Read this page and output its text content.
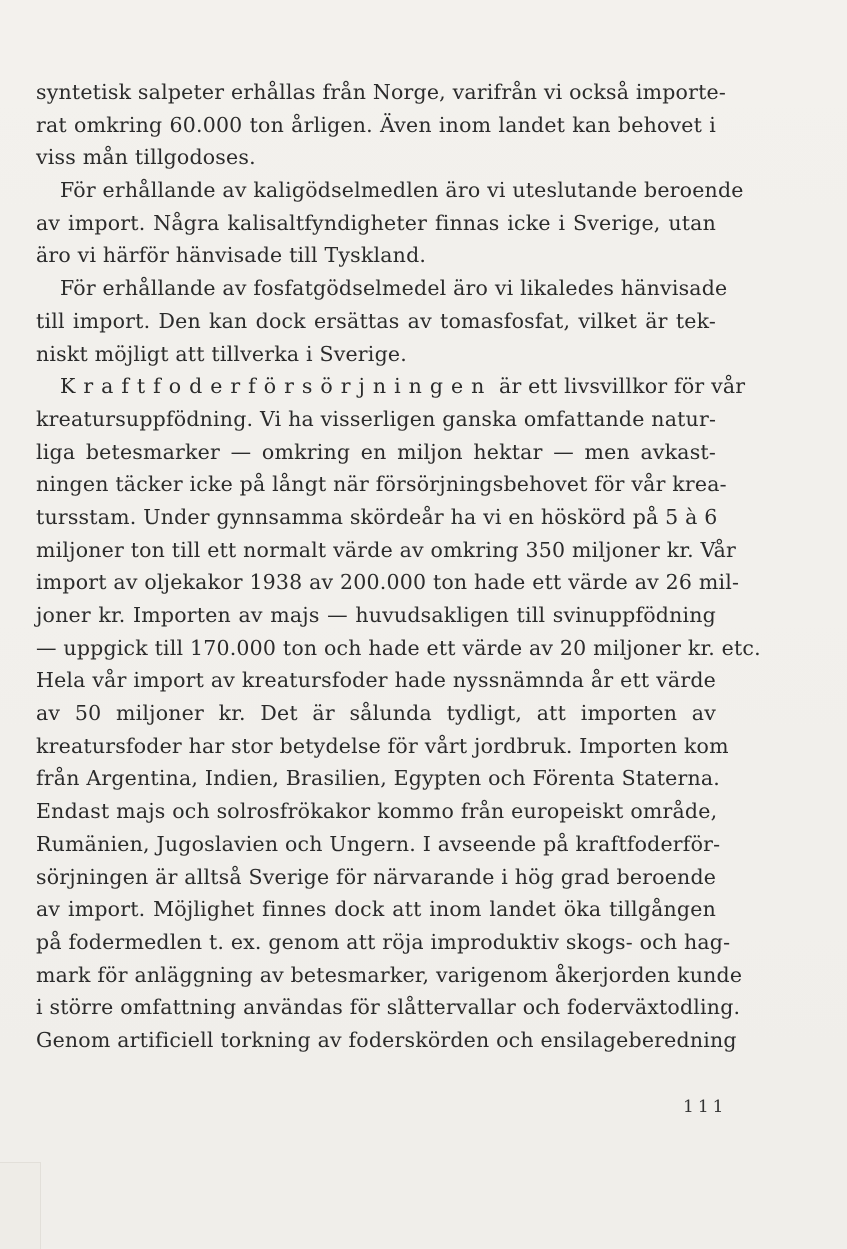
syntetisk salpeter erhållas från Norge, varifrån vi också importe-
rat omkring 60.000 ton årligen. Även inom landet kan behovet i
viss mån tillgodoses.
För erhållande av kaligödselmedlen äro vi uteslutande beroende
av import. Några kalisaltfyndigheter finnas icke i Sverige, utan
äro vi härför hänvisade till Tyskland.
För erhållande av fosfatgödselmedel äro vi likaledes hänvisade
till import. Den kan dock ersättas av tomasfosfat, vilket är tek-
niskt möjligt att tillverka i Sverige.
Kraftfoderförsörjningen är ett livsvillkor för vår
kreatursuppfödning. Vi ha visserligen ganska omfattande natur-
liga betesmarker — omkring en miljon hektar — men avkast-
ningen täcker icke på långt när försörjningsbehovet för vår krea-
tursstam. Under gynnsamma skördeår ha vi en höskörd på 5 à 6
miljoner ton till ett normalt värde av omkring 350 miljoner kr. Vår
import av oljekakor 1938 av 200.000 ton hade ett värde av 26 mil-
joner kr. Importen av majs — huvudsakligen till svinuppfödning
— uppgick till 170.000 ton och hade ett värde av 20 miljoner kr. etc.
Hela vår import av kreatursfoder hade nyssnämnda år ett värde
av 50 miljoner kr. Det är sålunda tydligt, att importen av
kreatursfoder har stor betydelse för vårt jordbruk. Importen kom
från Argentina, Indien, Brasilien, Egypten och Förenta Staterna.
Endast majs och solrosfrökakor kommo från europeiskt område,
Rumänien, Jugoslavien och Ungern. I avseende på kraftfoderför-
sörjningen är alltså Sverige för närvarande i hög grad beroende
av import. Möjlighet finnes dock att inom landet öka tillgången
på fodermedlen t. ex. genom att röja improduktiv skogs- och hag-
mark för anläggning av betesmarker, varigenom åkerjorden kunde
i större omfattning användas för slåttervallar och foderväxtodling.
Genom artificiell torkning av foderskörden och ensilageberedning
111
